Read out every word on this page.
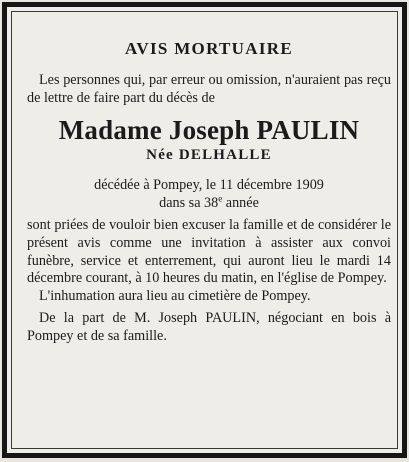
AVIS MORTUAIRE

Les personnes qui, par erreur ou omission, n'auraient pas reçu de lettre de faire part du décès de

Madame Joseph PAULIN
Née DELHALLE

décédée à Pompey, le 11 décembre 1909

dans sa 38e année

sont priées de vouloir bien excuser la famille et de considérer le présent avis comme une invitation à assister aux convoi funèbre, service et enterrement, qui auront lieu le mardi 14 décembre courant, à 10 heures du matin, en l'église de Pompey.

L'inhumation aura lieu au cimetière de Pompey.

De la part de M. Joseph PAULIN, négociant en bois à Pompey et de sa famille.
